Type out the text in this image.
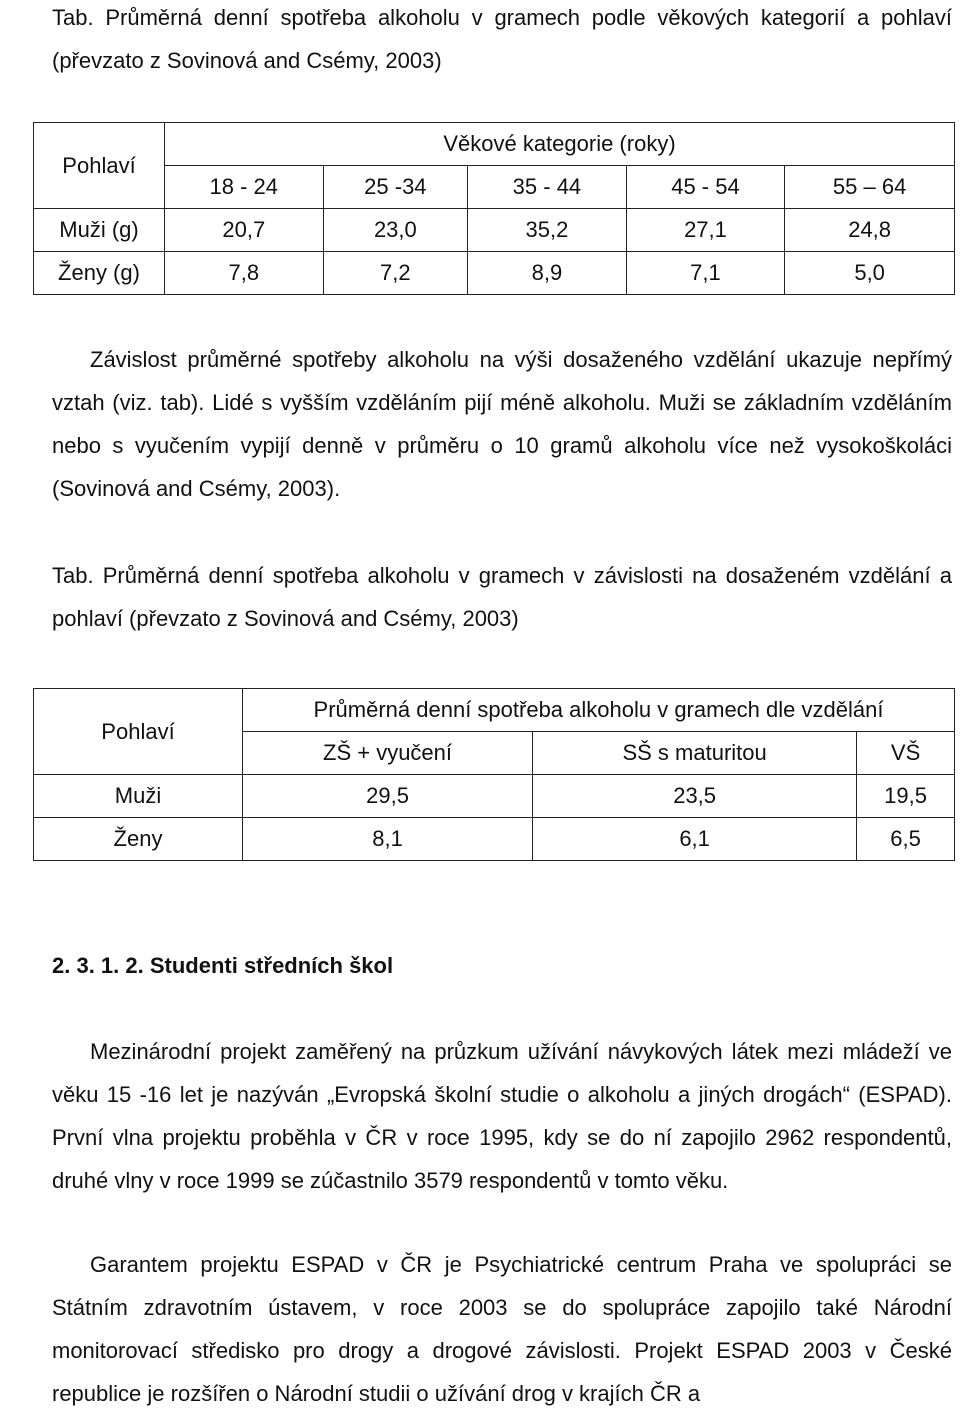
Tab. Průměrná denní spotřeba alkoholu v gramech podle věkových kategorií a pohlaví (převzato z Sovinová and Csémy, 2003)
Pohlaví	Věkové kategorie (roky)				
	18 - 24	25 -34	35 - 44	45 - 54	55 – 64
Muži (g)	20,7	23,0	35,2	27,1	24,8
Ženy (g)	7,8	7,2	8,9	7,1	5,0
Závislost průměrné spotřeby alkoholu na výši dosaženého vzdělání ukazuje nepřímý vztah (viz. tab). Lidé s vyšším vzděláním pijí méně alkoholu. Muži se základním vzděláním nebo s vyučením vypijí denně v průměru o 10 gramů alkoholu více než vysokoškoláci (Sovinová and Csémy, 2003).
Tab. Průměrná denní spotřeba alkoholu v gramech v závislosti na dosaženém vzdělání a pohlaví (převzato z Sovinová and Csémy, 2003)
Pohlaví	Průměrná denní spotřeba alkoholu v gramech dle vzdělání		
	ZŠ + vyučení	SŠ s maturitou	VŠ
Muži	29,5	23,5	19,5
Ženy	8,1	6,1	6,5
2. 3. 1. 2. Studenti středních škol
Mezinárodní projekt zaměřený na průzkum užívání návykových látek mezi mládeží ve věku 15 -16 let je nazýván „Evropská školní studie o alkoholu a jiných drogách“ (ESPAD). První vlna projektu proběhla v ČR v roce 1995, kdy se do ní zapojilo 2962 respondentů, druhé vlny v roce 1999 se zúčastnilo 3579 respondentů v tomto věku.
Garantem projektu ESPAD v ČR je Psychiatrické centrum Praha ve spolupráci se Státním zdravotním ústavem, v roce 2003 se do spolupráce zapojilo také Národní monitorovací středisko pro drogy a drogové závislosti. Projekt ESPAD 2003 v České republice je rozšířen o Národní studii o užívání drog v krajích ČR a
